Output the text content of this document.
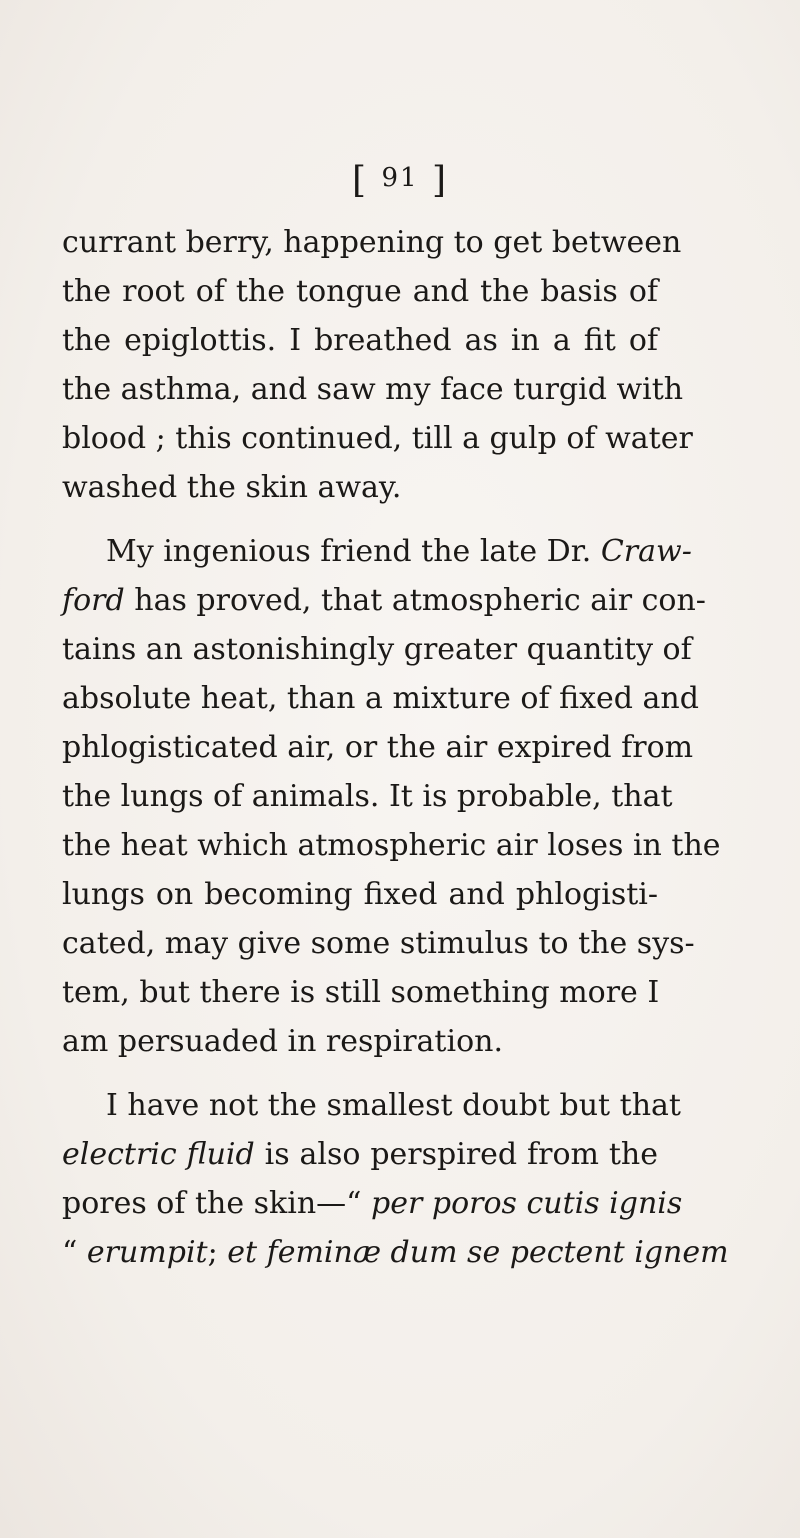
[ 91 ]
currant berry, happening to get between
the root of the tongue and the basis of
the epiglottis. I breathed as in a fit of
the asthma, and saw my face turgid with
blood ; this continued, till a gulp of water
washed the skin away.
My ingenious friend the late Dr. Craw-
ford has proved, that atmospheric air con-
tains an astonishingly greater quantity of
absolute heat, than a mixture of fixed and
phlogisticated air, or the air expired from
the lungs of animals. It is probable, that
the heat which atmospheric air loses in the
lungs on becoming fixed and phlogisti-
cated, may give some stimulus to the sys-
tem, but there is still something more I
am persuaded in respiration.
I have not the smallest doubt but that
electric fluid is also perspired from the
pores of the skin—“ per poros cutis ignis
“ erumpit; et feminæ dum se pectent ignem
